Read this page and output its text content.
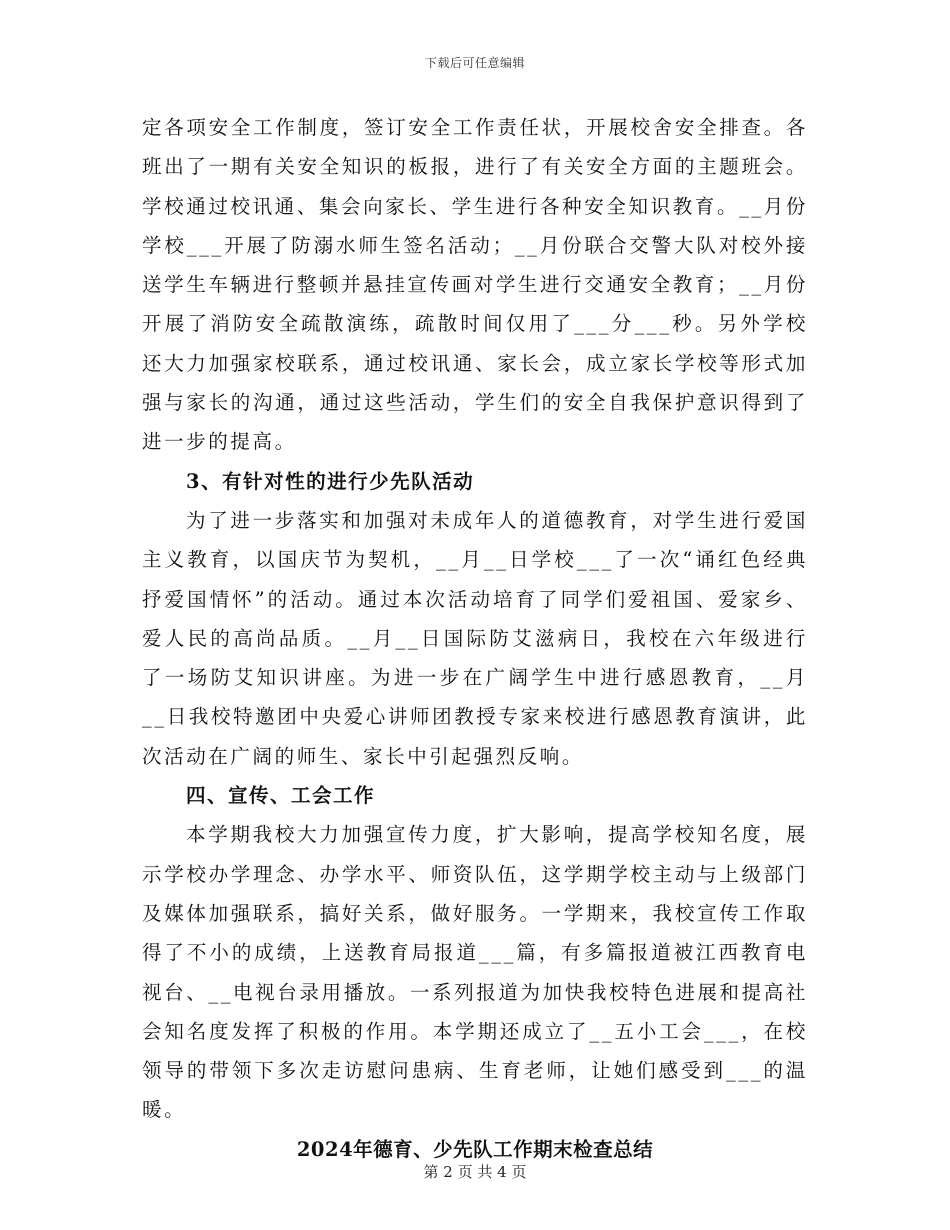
下载后可任意编辑

定各项安全工作制度，签订安全工作责任状，开展校舍安全排查。各班出了一期有关安全知识的板报，进行了有关安全方面的主题班会。学校通过校讯通、集会向家长、学生进行各种安全知识教育。__月份学校___开展了防溺水师生签名活动；__月份联合交警大队对校外接送学生车辆进行整顿并悬挂宣传画对学生进行交通安全教育；__月份开展了消防安全疏散演练，疏散时间仅用了___分___秒。另外学校还大力加强家校联系，通过校讯通、家长会，成立家长学校等形式加强与家长的沟通，通过这些活动，学生们的安全自我保护意识得到了进一步的提高。

3、有针对性的进行少先队活动

为了进一步落实和加强对未成年人的道德教育，对学生进行爱国主义教育，以国庆节为契机，__月__日学校___了一次“诵红色经典抒爱国情怀”的活动。通过本次活动培育了同学们爱祖国、爱家乡、爱人民的高尚品质。__月__日国际防艾滋病日，我校在六年级进行了一场防艾知识讲座。为进一步在广阔学生中进行感恩教育，__月__日我校特邀团中央爱心讲师团教授专家来校进行感恩教育演讲，此次活动在广阔的师生、家长中引起强烈反响。

四、宣传、工会工作

本学期我校大力加强宣传力度，扩大影响，提高学校知名度，展示学校办学理念、办学水平、师资队伍，这学期学校主动与上级部门及媒体加强联系，搞好关系，做好服务。一学期来，我校宣传工作取得了不小的成绩，上送教育局报道___篇，有多篇报道被江西教育电视台、__电视台录用播放。一系列报道为加快我校特色进展和提高社会知名度发挥了积极的作用。本学期还成立了__五小工会___，在校领导的带领下多次走访慰问患病、生育老师，让她们感受到___的温暖。

2024年德育、少先队工作期末检查总结

第 2 页 共 4 页
